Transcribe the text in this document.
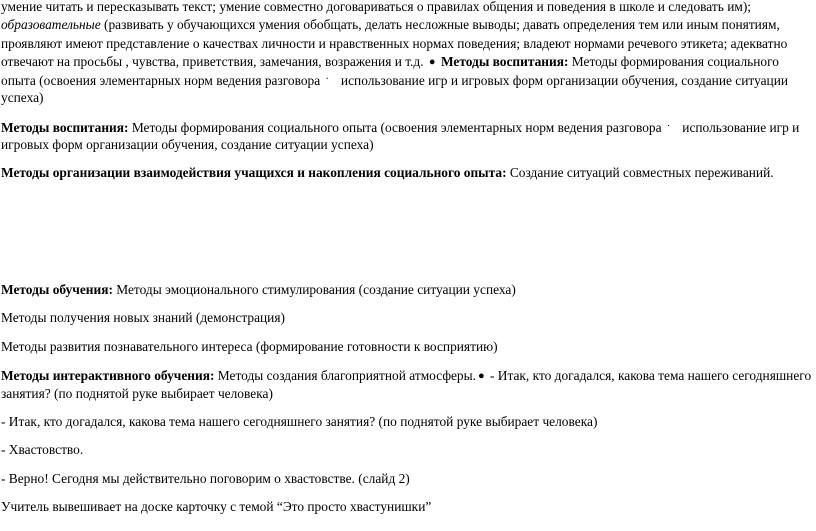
умение читать и пересказывать текст; умение совместно договариваться о правилах общения и поведения в школе и следовать им);
образовательные (развивать у обучающихся умения обобщать, делать несложные выводы; давать определения тем или иным понятиям,
проявляют имеют представление о качествах личности и нравственных нормах поведения; владеют нормами речевого этикета; адекватно
отвечают на просьбы , чувства, приветствия, замечания, возражения и т.д. ● Методы воспитания: Методы формирования социального
опыта (освоения элементарных норм ведения разговора · использование игр и игровых форм организации обучения, создание ситуации
успеха)
Методы воспитания: Методы формирования социального опыта (освоения элементарных норм ведения разговора · использование игр и
игровых форм организации обучения, создание ситуации успеха)
Методы организации взаимодействия учащихся и накопления социального опыта: Создание ситуаций совместных переживаний.
Методы обучения: Методы эмоционального стимулирования (создание ситуации успеха)
Методы получения новых знаний (демонстрация)
Методы развития познавательного интереса (формирование готовности к восприятию)
Методы интерактивного обучения: Методы создания благоприятной атмосферы. ● - Итак, кто догадался, какова тема нашего сегодняшнего
занятия? (по поднятой руке выбирает человека)
- Итак, кто догадался, какова тема нашего сегодняшнего занятия? (по поднятой руке выбирает человека)
- Хвастовство.
- Верно! Сегодня мы действительно поговорим о хвастовстве. (слайд 2)
Учитель вывешивает на доске карточку с темой “Это просто хвастунишки”
